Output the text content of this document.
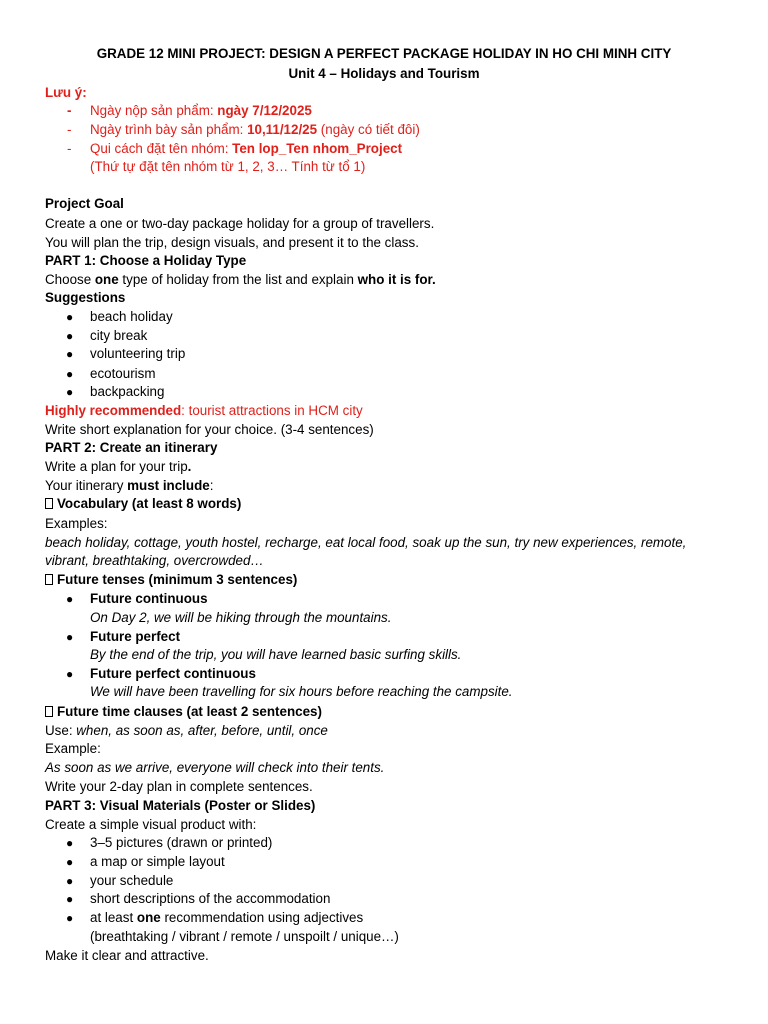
GRADE 12 MINI PROJECT: DESIGN A PERFECT PACKAGE HOLIDAY IN HO CHI MINH CITY
Unit 4 – Holidays and Tourism
Lưu ý:
- Ngày nộp sản phẩm: ngày 7/12/2025
- Ngày trình bày sản phẩm: 10,11/12/25 (ngày có tiết đôi)
- Qui cách đặt tên nhóm: Ten lop_Ten nhom_Project
(Thứ tự đặt tên nhóm từ 1, 2, 3… Tính từ tổ 1)
Project Goal
Create a one or two-day package holiday for a group of travellers.
You will plan the trip, design visuals, and present it to the class.
PART 1: Choose a Holiday Type
Choose one type of holiday from the list and explain who it is for.
Suggestions
● beach holiday
● city break
● volunteering trip
● ecotourism
● backpacking
Highly recommended: tourist attractions in HCM city
Write short explanation for your choice. (3-4 sentences)
PART 2: Create an itinerary
Write a plan for your trip.
Your itinerary must include:
Vocabulary (at least 8 words)
Examples:
beach holiday, cottage, youth hostel, recharge, eat local food, soak up the sun, try new experiences, remote,
vibrant, breathtaking, overcrowded…
Future tenses (minimum 3 sentences)
● Future continuous
On Day 2, we will be hiking through the mountains.
● Future perfect
By the end of the trip, you will have learned basic surfing skills.
● Future perfect continuous
We will have been travelling for six hours before reaching the campsite.
Future time clauses (at least 2 sentences)
Use: when, as soon as, after, before, until, once
Example:
As soon as we arrive, everyone will check into their tents.
Write your 2-day plan in complete sentences.
PART 3: Visual Materials (Poster or Slides)
Create a simple visual product with:
● 3–5 pictures (drawn or printed)
● a map or simple layout
● your schedule
● short descriptions of the accommodation
● at least one recommendation using adjectives
(breathtaking / vibrant / remote / unspoilt / unique…)
Make it clear and attractive.
